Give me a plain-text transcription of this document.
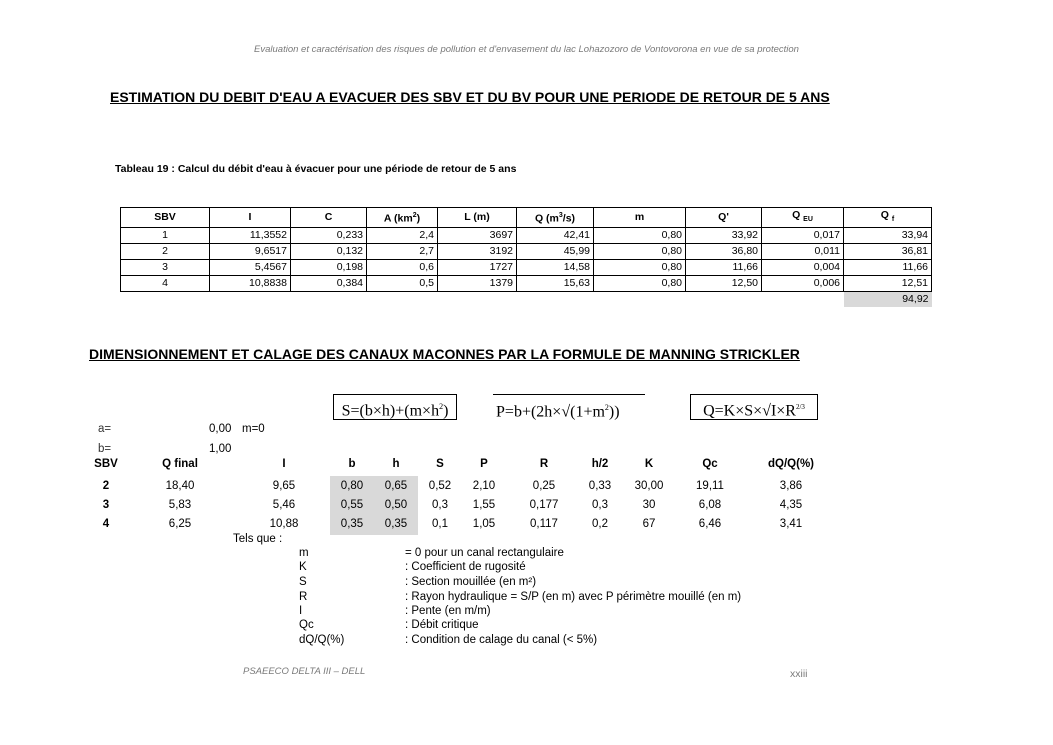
Evaluation et caractérisation des risques de pollution et d'envasement du lac Lohazozoro de Vontovorona en vue de sa protection
ESTIMATION DU DEBIT D'EAU A EVACUER DES SBV ET DU BV POUR UNE PERIODE DE RETOUR DE 5 ANS
Tableau 19 : Calcul du débit d'eau à évacuer pour une période de retour de 5 ans
SBV	I	C	A $(km^2)$	L (m)	Q $(m^3/s)$	m	Q'	Q $_{EU}$	Q $_f$
1	11,3552	0,233	2,4	3697	42,41	0,80	33,92	0,017	33,94
2	9,6517	0,132	2,7	3192	45,99	0,80	36,80	0,011	36,81
3	5,4567	0,198	0,6	1727	14,58	0,80	11,66	0,004	11,66
4	10,8838	0,384	0,5	1379	15,63	0,80	12,50	0,006	12,51
									94,92
DIMENSIONNEMENT ET CALAGE DES CANAUX MACONNES PAR LA FORMULE DE MANNING STRICKLER
$S=(b\times h)+(m\times h^2)$	$P=b+(2h\times√(1+m^2))$	$Q=K\times S\times√I\times R^{2/3}$
a=	0,00 m=0
b=	1,00
SBV	Q final	I	b	h	S	P	R	h/2	K	Qc	dQ/Q(%)
2	18,40	9,65	0,80	0,65	0,52	2,10	0,25	0,33	30,00	19,11	3,86
3	5,83	5,46	0,55	0,50	0,3	1,55	0,177	0,3	30	6,08	4,35
4	6,25	10,88	0,35	0,35	0,1	1,05	0,117	0,2	67	6,46	3,41
Tels que :
m	= 0 pour un canal rectangulaire
K	: Coefficient de rugosité
S	: Section mouillée (en m²)
R	: Rayon hydraulique = S/P (en m) avec P périmètre mouillé (en m)
I	: Pente (en m/m)
Qc	: Débit critique
dQ/Q(%)	: Condition de calage du canal (< 5%)
PSAEECO DELTA III – DELL	xxiii
